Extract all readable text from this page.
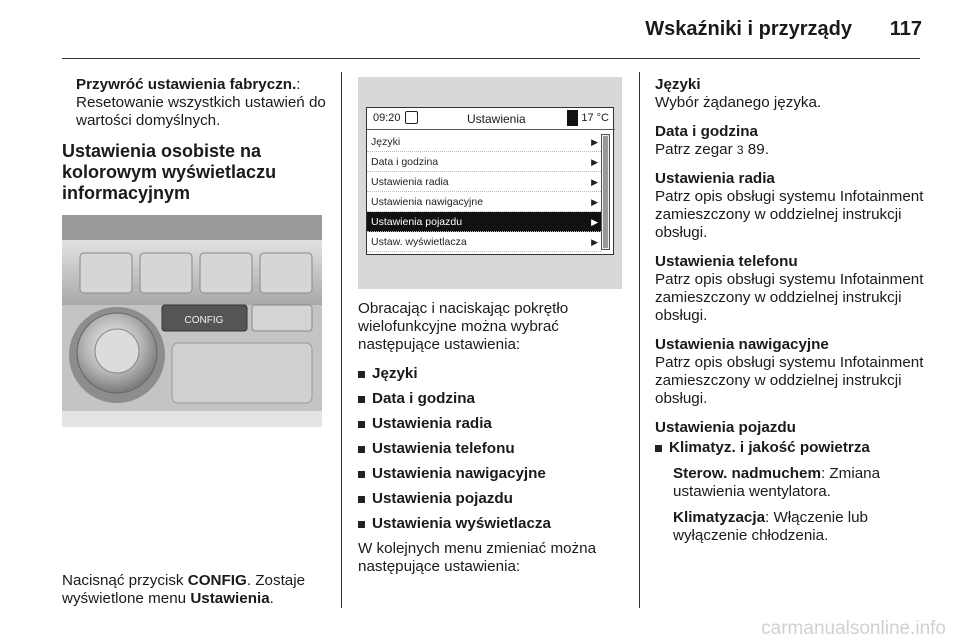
Wskaźniki i przyrządy 117
Przywróć ustawienia fabryczn.:
Resetowanie wszystkich ustawień do wartości domyślnych.
Ustawienia osobiste na kolorowym wyświetlaczu informacyjnym
Nacisnąć przycisk CONFIG. Zostaje wyświetlone menu Ustawienia.
CONFIG
09:20	Ustawienia	17 °C
Języki	▶
Data i godzina	▶
Ustawienia radia	▶
Ustawienia nawigacyjne	▶
Ustawienia pojazdu	▶
Ustaw. wyświetlacza	▶
Obracając i naciskając pokrętło wielofunkcyjne można wybrać następujące ustawienia:
Języki
Data i godzina
Ustawienia radia
Ustawienia telefonu
Ustawienia nawigacyjne
Ustawienia pojazdu
Ustawienia wyświetlacza
W kolejnych menu zmieniać można następujące ustawienia:
Języki
Wybór żądanego języka.
Data i godzina
Patrz zegar 3 89.
Ustawienia radia
Patrz opis obsługi systemu Infotainment zamieszczony w oddzielnej instrukcji obsługi.
Ustawienia telefonu
Patrz opis obsługi systemu Infotainment zamieszczony w oddzielnej instrukcji obsługi.
Ustawienia nawigacyjne
Patrz opis obsługi systemu Infotainment zamieszczony w oddzielnej instrukcji obsługi.
Ustawienia pojazdu
Klimatyz. i jakość powietrza
Sterow. nadmuchem: Zmiana ustawienia wentylatora.
Klimatyzacja: Włączenie lub wyłączenie chłodzenia.
carmanualsonline.info
